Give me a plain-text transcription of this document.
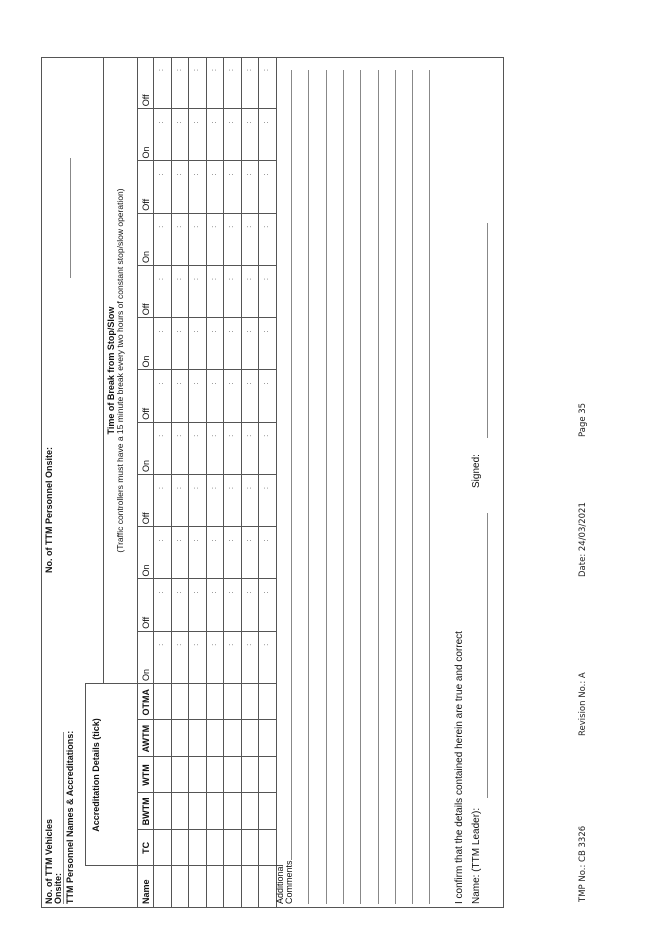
No. of TTM Vehicles Onsite:
No. of TTM Personnel Onsite:
TTM Personnel Names & Accreditations: Accreditation Details (tick)
Time of Break from Stop/Slow (Traffic controllers must have a 15 minute break every two hours of constant stop/slow operation)
Name
TC
BWTM
WTM
AWTM
OTMA
On
Off
On
Off
On
Off
On
Off
On
Off
On
Off
:
:
:
:
:
:
:
:
:
:
:
:
:
:
:
:
:
:
:
:
:
:
:
:
:
:
:
:
:
:
:
:
:
:
:
:
:
:
:
:
:
:
:
:
:
:
:
:
:
:
:
:
:
:
:
:
:
:
:
:
:
:
:
:
:
:
:
:
:
:
:
:
:
:
:
:
:
:
:
:
:
:
:
:
Additional Comments	I confirm that the details contained herein are true and correct Name: (TTM Leader):
Signed:
TMP No.: CB 3326
Revision No.: A
Date: 24/03/2021
Page 35
